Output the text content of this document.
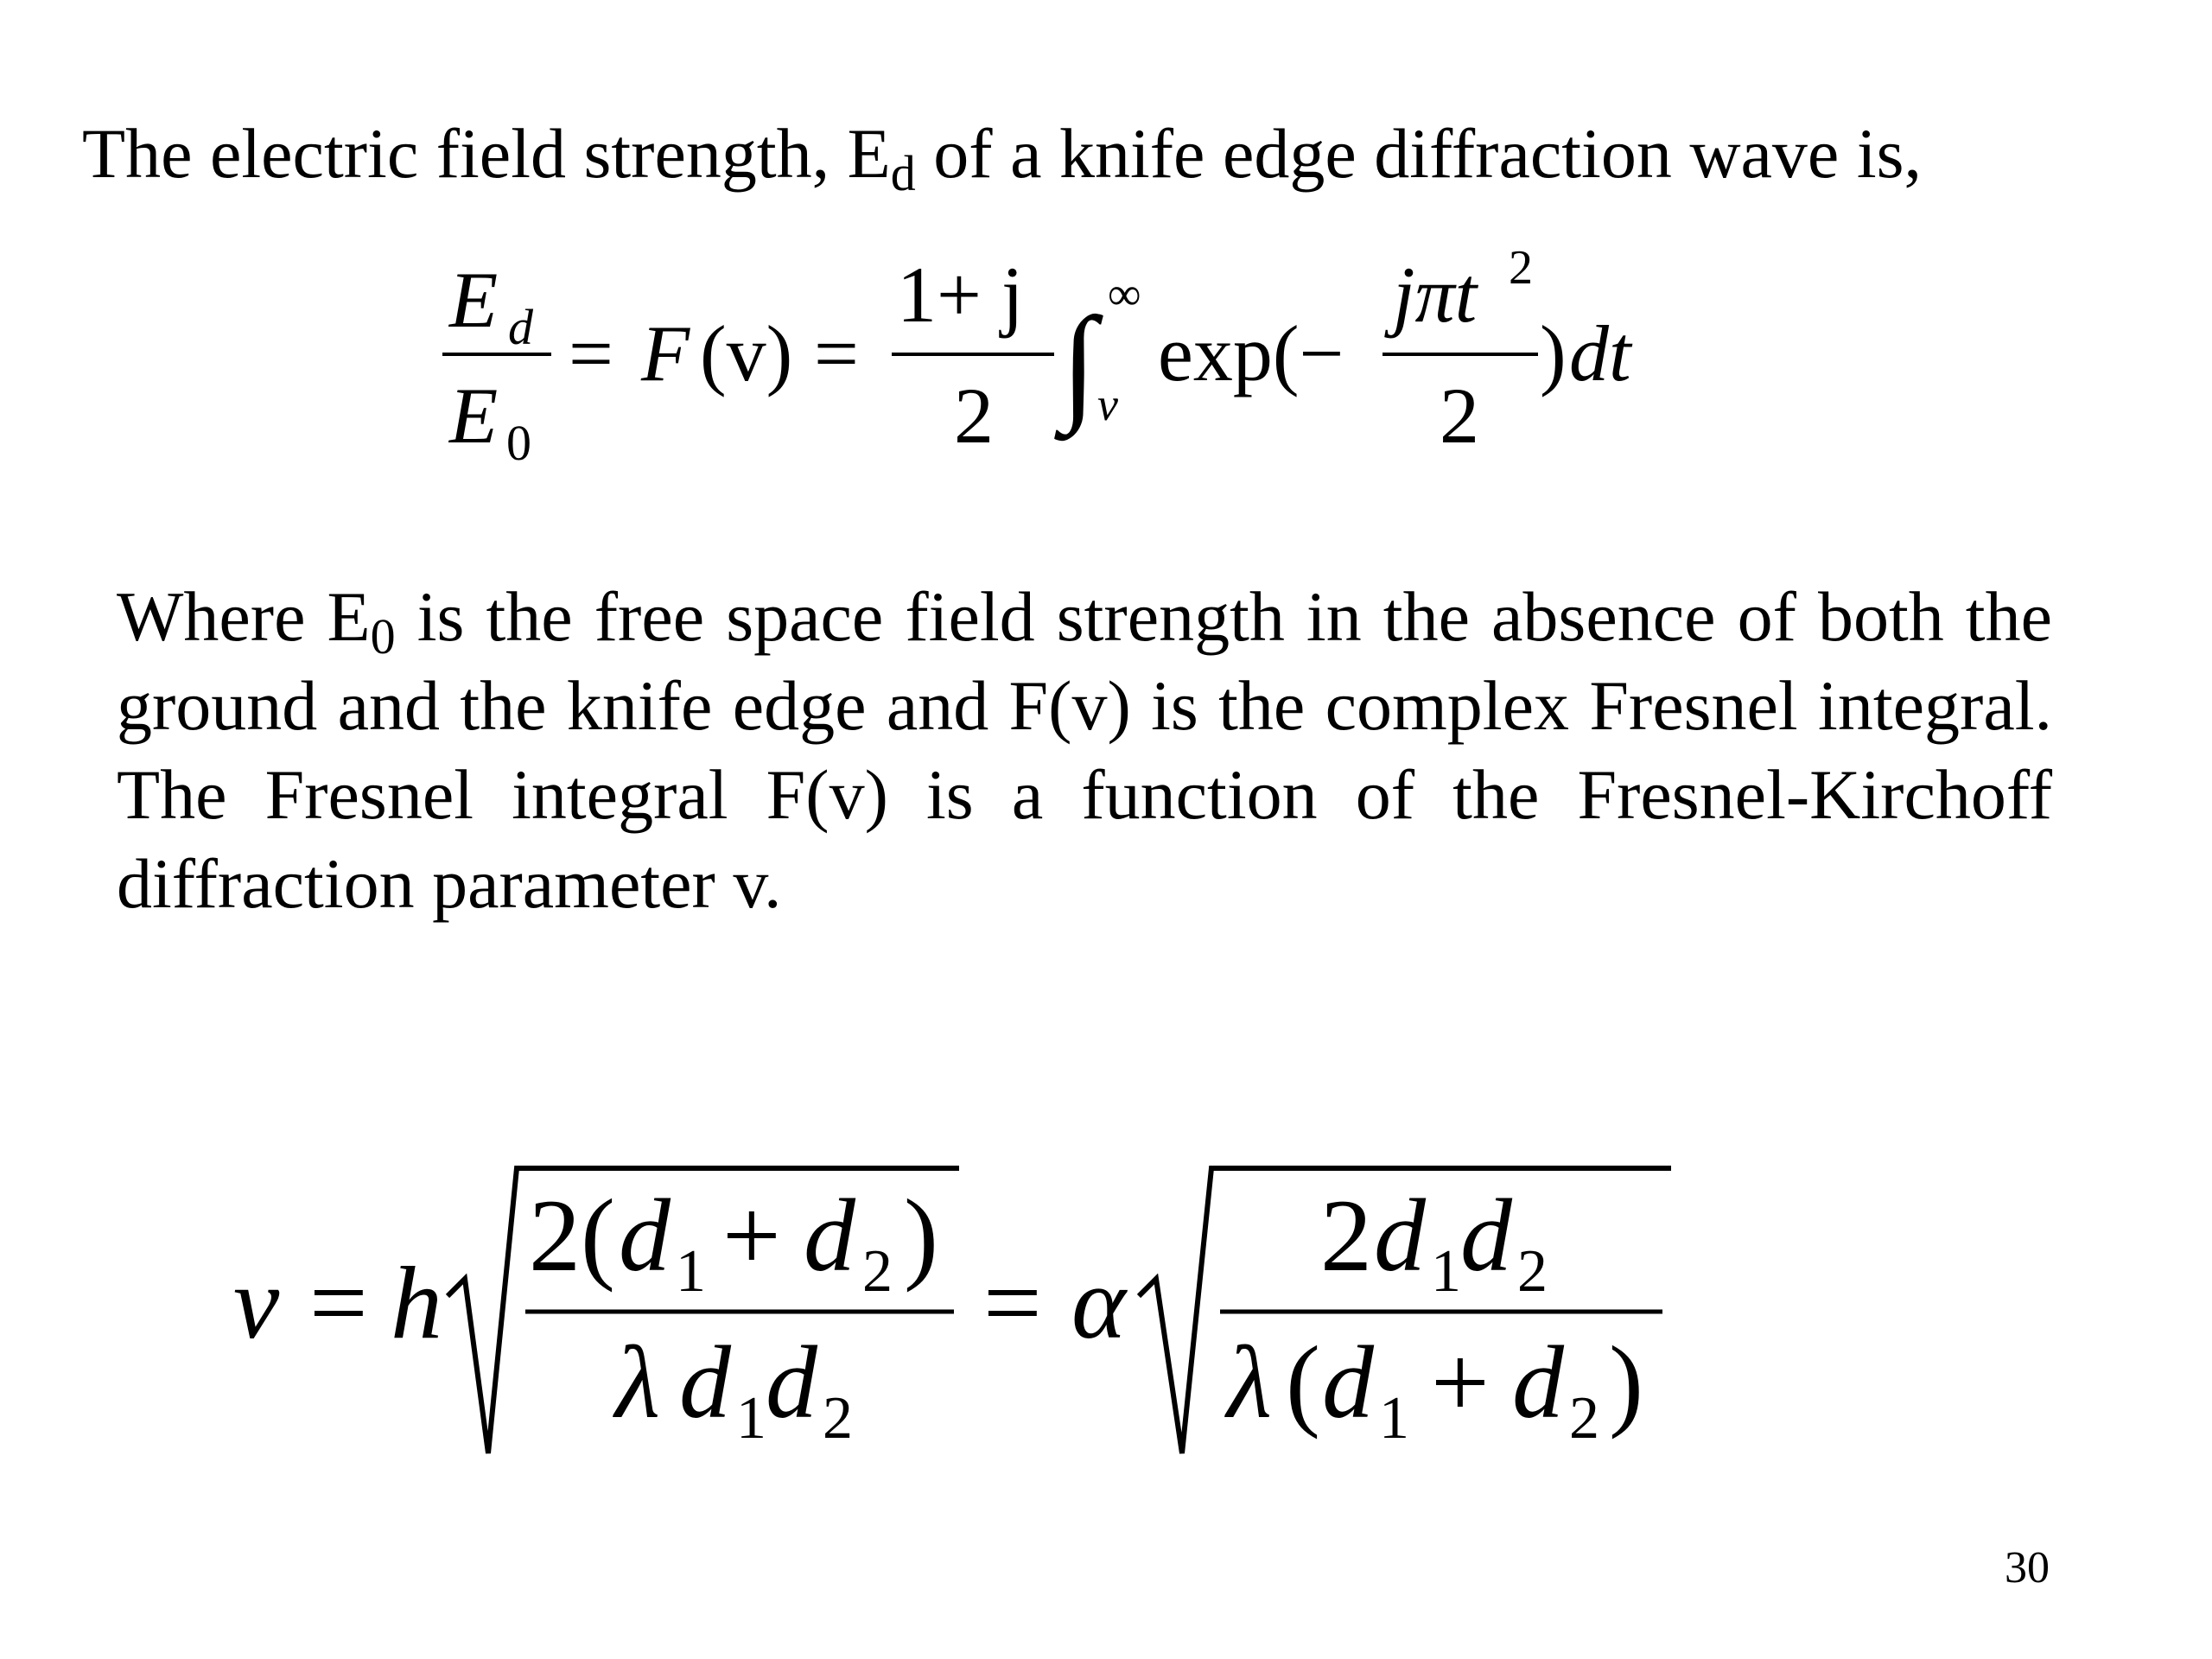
The electric field strength, $E_d$ of a knife edge diffraction wave is,

E d
E 0
= F (v) =
1+ j
2 ∫ ∞
v
exp(−
jπt 2
2
) dt
v = h
2( d 1 + d 2 )
λ d 1 d 2
= α
2 d 1 d 2
λ ( d 1 + d 2 )

Where $E_0$ is the free space field strength in the absence of both the ground and the knife edge and F(v) is the complex Fresnel integral. The Fresnel integral F(v) is a function of the Fresnel-Kirchoff diffraction parameter v.

30
